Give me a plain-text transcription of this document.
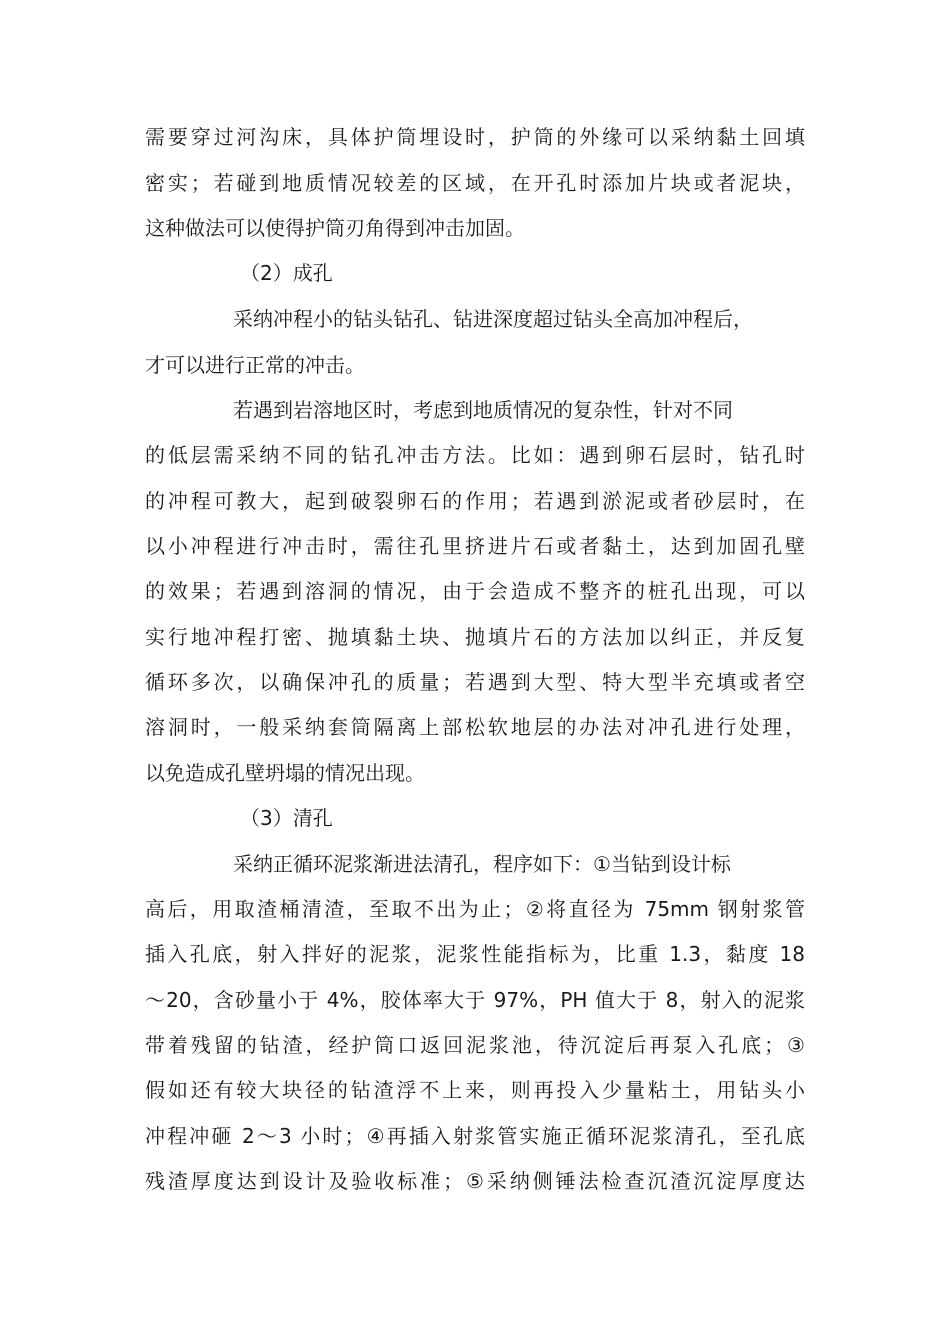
需要穿过河沟床，具体护筒埋设时，护筒的外缘可以采纳黏土回填

密实；若碰到地质情况较差的区域，在开孔时添加片块或者泥块，

这种做法可以使得护筒刃角得到冲击加固。

（2）成孔

采纳冲程小的钻头钻孔、钻进深度超过钻头全高加冲程后，

才可以进行正常的冲击。

若遇到岩溶地区时，考虑到地质情况的复杂性，针对不同

的低层需采纳不同的钻孔冲击方法。比如：遇到卵石层时，钻孔时

的冲程可教大，起到破裂卵石的作用；若遇到淤泥或者砂层时，在

以小冲程进行冲击时，需往孔里挤进片石或者黏土，达到加固孔壁

的效果；若遇到溶洞的情况，由于会造成不整齐的桩孔出现，可以

实行地冲程打密、抛填黏土块、抛填片石的方法加以纠正，并反复

循环多次，以确保冲孔的质量；若遇到大型、特大型半充填或者空

溶洞时，一般采纳套筒隔离上部松软地层的办法对冲孔进行处理，

以免造成孔壁坍塌的情况出现。

（3）清孔

采纳正循环泥浆渐进法清孔，程序如下：①当钻到设计标

高后，用取渣桶清渣，至取不出为止；②将直径为 75mm 钢射浆管

插入孔底，射入拌好的泥浆，泥浆性能指标为，比重 1.3，黏度 18

～20，含砂量小于 4%，胶体率大于 97%，PH 值大于 8，射入的泥浆

带着残留的钻渣，经护筒口返回泥浆池，待沉淀后再泵入孔底；③

假如还有较大块径的钻渣浮不上来，则再投入少量粘土，用钻头小

冲程冲砸 2～3 小时；④再插入射浆管实施正循环泥浆清孔，至孔底

残渣厚度达到设计及验收标准；⑤采纳侧锤法检查沉渣沉淀厚度达
